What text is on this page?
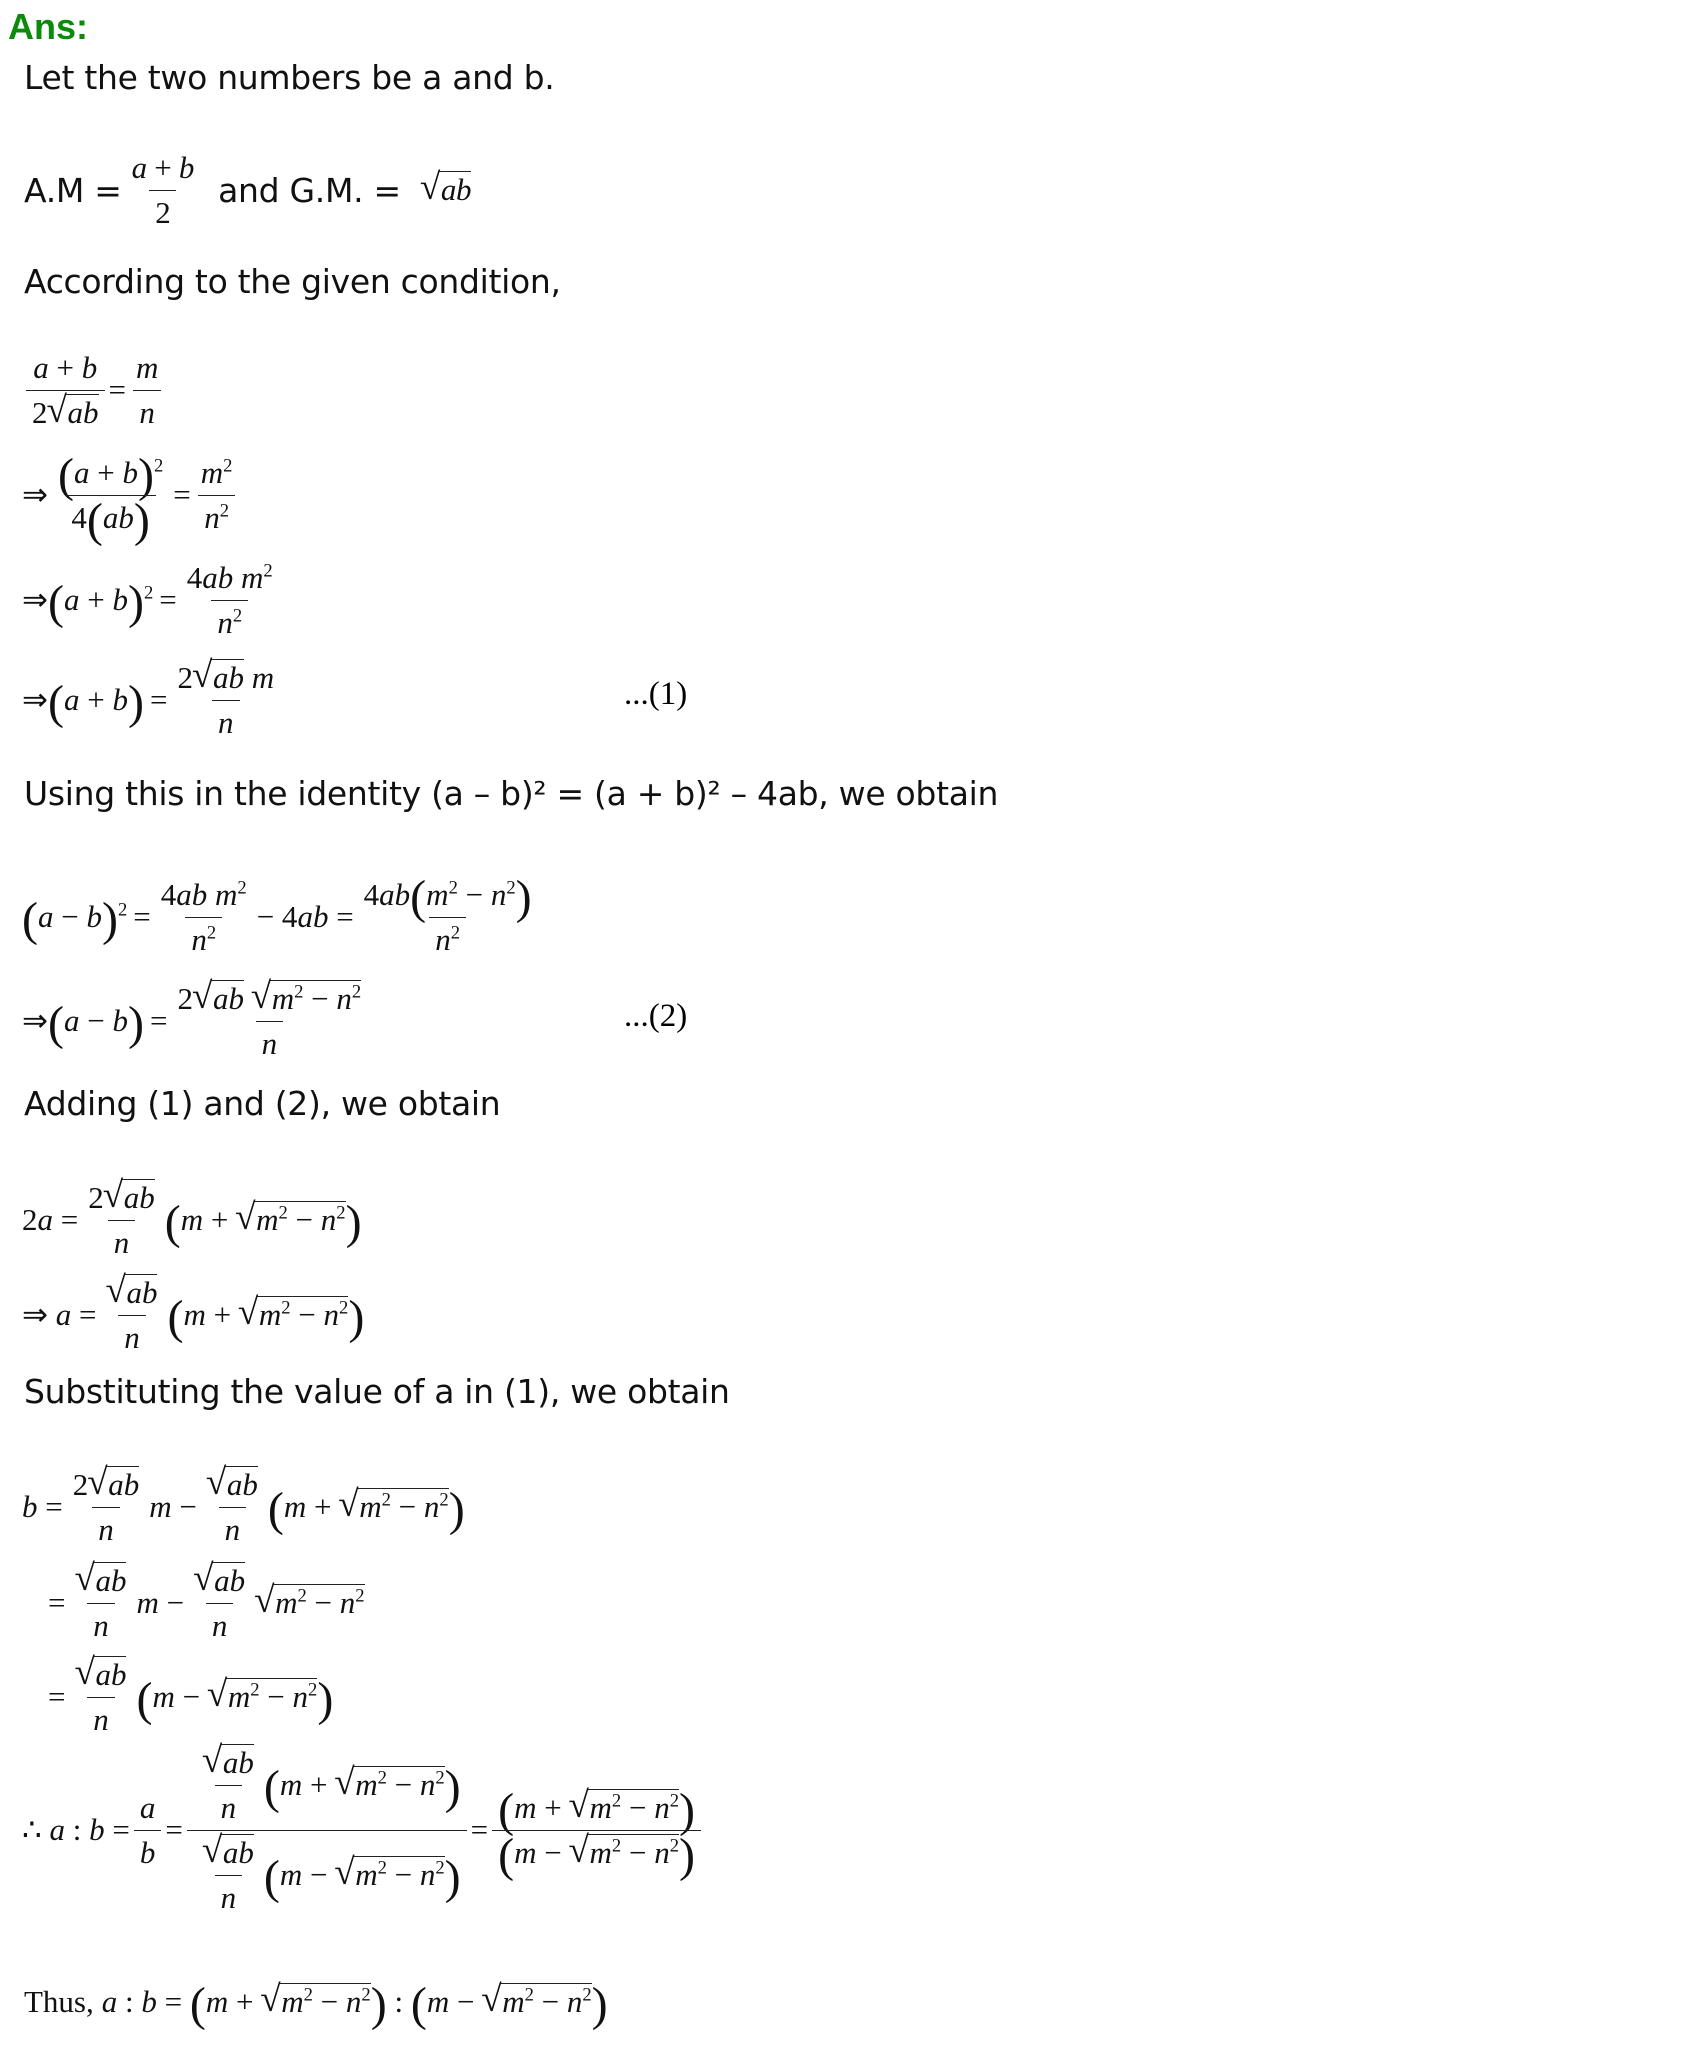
Ans:
Let the two numbers be a and b.
$A.M = \frac{a + b}{2}$ and G.M. =	√ ab
According to the given condition,
$\frac{a + b}{2 √ ab} = \frac{m}{n}$
⇒ $\frac{(a + b)^2}{4(ab)} = \frac{m^2}{n^2}$
⇒(a + $b)^2 = \frac{4ab m^2}{n^2}$
⇒(a + $b) = \frac{\text{2 √ ab m}}{n}$	...(1)
Using this in the identity (a – b)² = (a + b)² – 4ab, we obtain
$(a - b)^2 = \frac{4ab m^2}{n^2} - 4ab = \frac{4ab(m^2 - n^2)}{n^2}$
⇒(a − $b) = \frac{2 √ ab √ m^2 - n^2}{n}$	...(2)
Adding (1) and (2), we obtain
$2a = \frac{2 √ ab}{n} (m$ + √ $m^2 - n^2$)
⇒ a = √ $\frac{ab}{n} (m$ + √ $m^2 - n^2$)
Substituting the value of a in (1), we obtain
$b = \frac{2 √ ab}{n}$ m − √ $\frac{ab}{n} (m$ + √ $m^2 - n^2$)
= √ $\frac{ab}{n}$ m − √ $\frac{ab}{n}$ √ $m^2 - n^2$
= √ $\frac{ab}{n} (m$ − √ $m^2 - n^2$)
∴ a : $b = \frac{a}{b}$ = √ $\frac{ab}{n} (m$ + √ $m^2 - n^2$)
√ $\frac{ab}{n} (m$ − √ $m^2 - n^2) = \frac{(m + √ m^2 - n^2)}{(m - √ m^2 - n^2)}$
Thus, a : b = (m + √ $m^2 - n^2$) : (m − √ $m^2 - n^2$)
